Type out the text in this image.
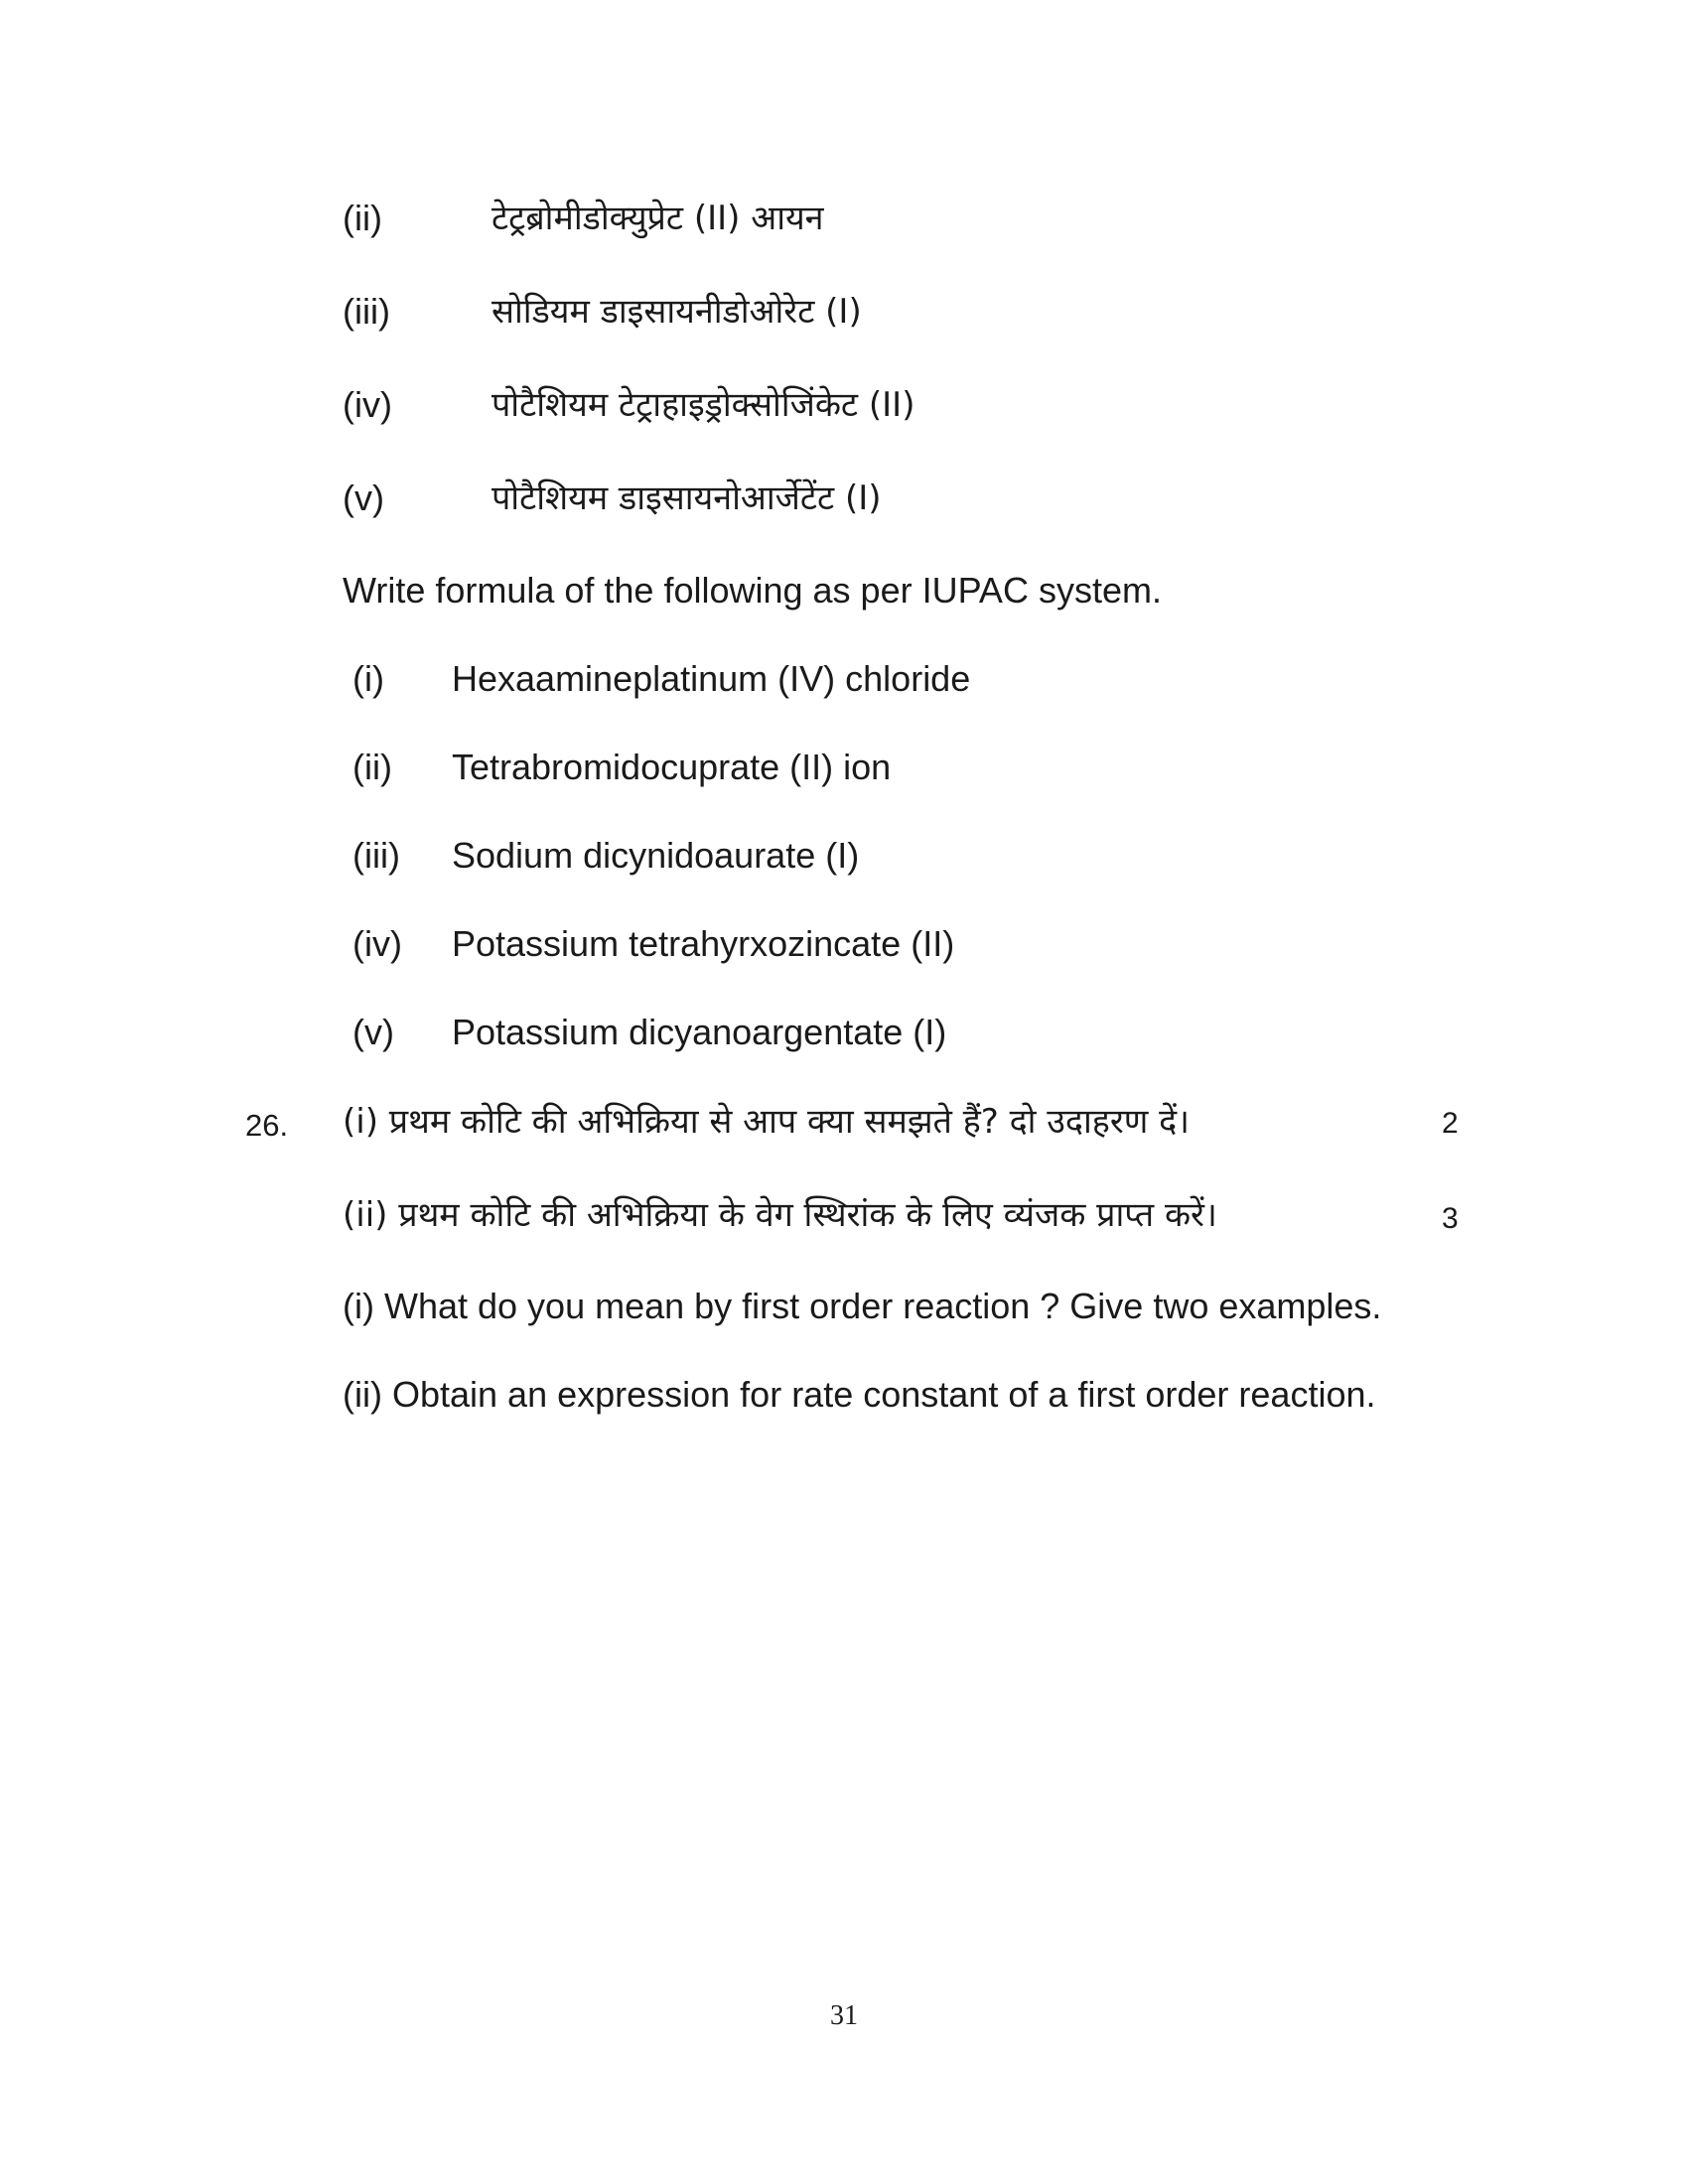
(ii)	टेट्रब्रोमीडोक्युप्रेट (II) आयन
(iii)	सोडियम डाइसायनीडोओरेट (I)
(iv)	पोटैशियम टेट्राहाइड्रोक्सोजिंकेट (II)
(v)	पोटैशियम डाइसायनोआर्जेटेंट (I)
Write formula of the following as per IUPAC system.
(i) Hexaamineplatinum (IV) chloride
(ii) Tetrabromidocuprate (II) ion
(iii) Sodium dicynidoaurate (I)
(iv) Potassium tetrahyrxozincate (II)
(v) Potassium dicyanoargentate (I)
26. (i) प्रथम कोटि की अभिक्रिया से आप क्या समझते हैं? दो उदाहरण दें।	2
(ii) प्रथम कोटि की अभिक्रिया के वेग स्थिरांक के लिए व्यंजक प्राप्त करें।	3
(i) What do you mean by first order reaction ? Give two examples.
(ii) Obtain an expression for rate constant of a first order reaction.
31
